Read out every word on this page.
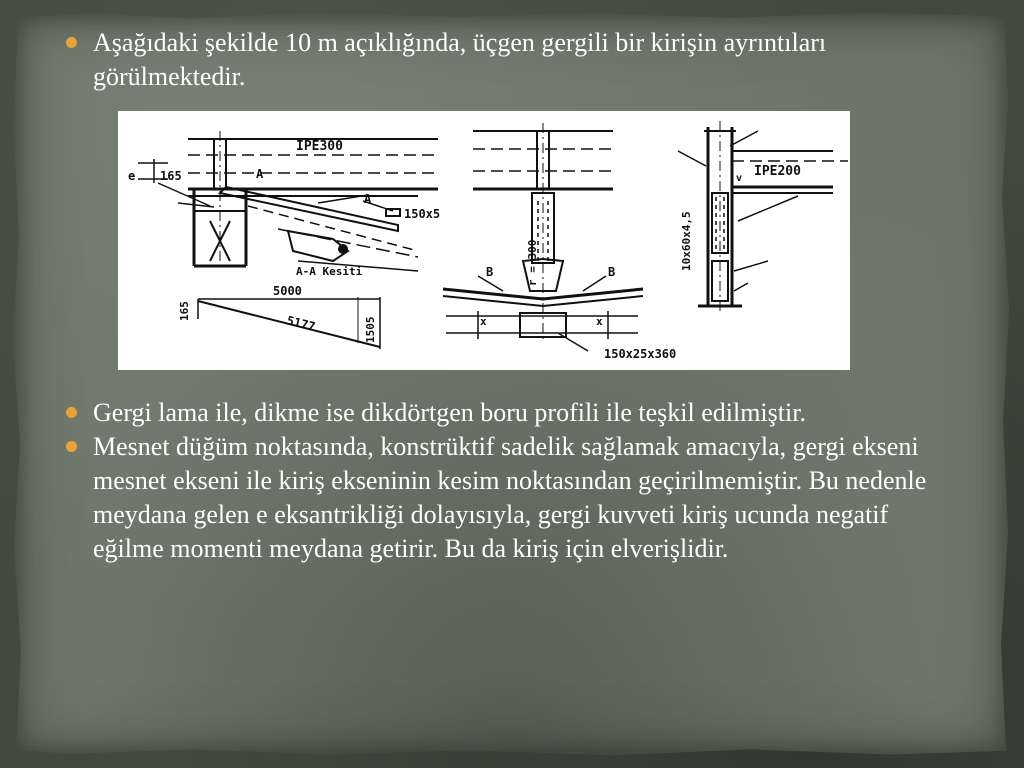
Aşağıdaki şekilde 10 m açıklığında, üçgen gergili bir kirişin ayrıntıları görülmektedir.
IPE300
e 165	A
A
150x5
A-A Kesiti
165
5000
5177	1505
r = 300
B	B
x	x
150x25x360
IPE200
v
10x60x4,5
Gergi lama ile, dikme ise dikdörtgen boru profili ile teşkil edilmiştir.
Mesnet düğüm noktasında, konstrüktif sadelik sağlamak amacıyla, gergi ekseni mesnet ekseni ile kiriş ekseninin kesim noktasından geçirilmemiştir. Bu nedenle meydana gelen e eksantrikliği dolayısıyla, gergi kuvveti kiriş ucunda negatif eğilme momenti meydana getirir. Bu da kiriş için elverişlidir.
